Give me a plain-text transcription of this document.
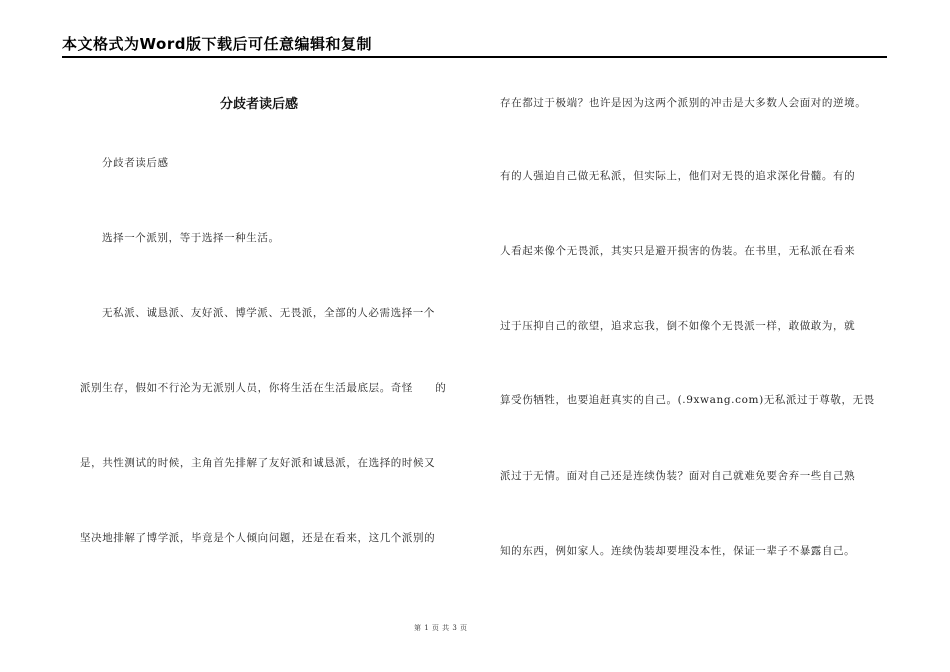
本文格式为Word版下载后可任意编辑和复制
分歧者读后感
分歧者读后感
选择一个派别，等于选择一种生活。
无私派、诚恳派、友好派、博学派、无畏派，全部的人必需选择一个
派别生存，假如不行沦为无派别人员，你将生活在生活最底层。奇怪　　的
是，共性测试的时候，主角首先排解了友好派和诚恳派，在选择的时候又
坚决地排解了博学派，毕竟是个人倾向问题，还是在看来，这几个派别的
存在都过于极端？也许是因为这两个派别的冲击是大多数人会面对的逆境。
有的人强迫自己做无私派，但实际上，他们对无畏的追求深化骨髓。有的
人看起来像个无畏派，其实只是避开损害的伪装。在书里，无私派在看来
过于压抑自己的欲望，追求忘我，倒不如像个无畏派一样，敢做敢为，就
算受伤牺牲，也要追赶真实的自己。(.9xwang.com)无私派过于尊敬，无畏
派过于无情。面对自己还是连续伪装？面对自己就难免要舍弃一些自己熟
知的东西，例如家人。连续伪装却要埋没本性，保证一辈子不暴露自己。
第 1 页 共 3 页
